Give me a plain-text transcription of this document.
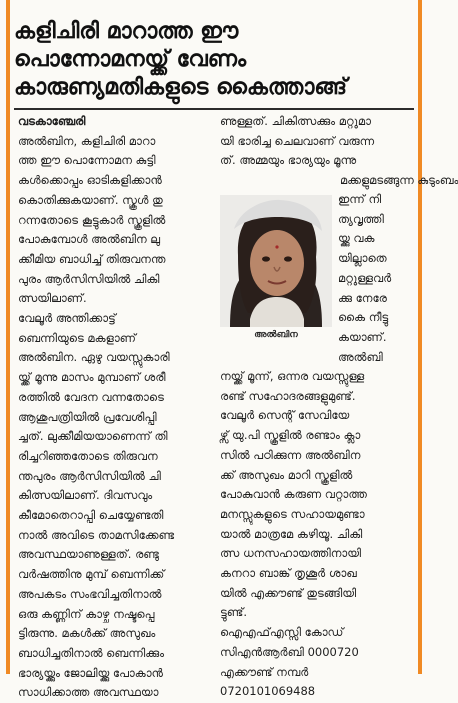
കളിചിരി മാറാത്ത ഈ
പൊന്നോമനയ്ക്ക് വേണം
കാരുണ്യമതികളുടെ കൈത്താങ്ങ്
വടകാഞ്ചേരി
അൽബിന, കളിചിരി മാറാ
ത്ത ഈ പൊന്നോമന കുട്ടി
കൾക്കൊപ്പം ഓടികളിക്കാൻ
കൊതിക്കുകയാണ്. സ്കൂൾ തു
റന്നതോടെ കൂട്ടുകാർ സ്കൂളിൽ
പോകുമ്പോൾ അൽബിന ലു
ക്കീമിയ ബാധിച്ച് തിരുവനന്ത
പുരം ആർസിസിയിൽ ചികി
ത്സയിലാണ്.
വേലൂർ അന്തിക്കാട്ട്
ബെന്നിയുടെ മകളാണ്
അൽബിന. ഏഴു വയസ്സുകാരി
യ്ക്ക് മൂന്നു മാസം മുമ്പാണ് ശരീ
രത്തിൽ വേദന വന്നതോടെ
ആശുപത്രിയിൽ പ്രവേശിപ്പി
ച്ചത്. ലുക്കീമിയയാണെന്ന് തി
രിച്ചറിഞ്ഞതോടെ തിരുവന
ന്തപുരം ആർസിസിയിൽ ചി
കിത്സയിലാണ്. ദിവസവും
കീമോതെറാപ്പി ചെയ്യേണ്ടതി
നാൽ അവിടെ താമസിക്കേണ്ട
അവസ്ഥയാണുള്ളത്. രണ്ടു
വർഷത്തിനു മുമ്പ് ബെന്നിക്ക്
അപകടം സംഭവിച്ചതിനാൽ
ഒരു കണ്ണിന് കാഴ്ച നഷ്ടപ്പെ
ട്ടിരുന്നു. മകൾക്ക് അസുഖം
ബാധിച്ചതിനാൽ ബെന്നിക്കും
ഭാര്യയ്ക്കും ജോലിയ്ക്കു പോകാൻ
സാധിക്കാത്ത അവസ്ഥയാ
ണുള്ളത്. ചികിത്സക്കും മറ്റുമാ
യി ഭാരിച്ച ചെലവാണ് വരുന്ന
ത്. അമ്മയും ഭാര്യയും മൂന്നു
മക്കളുമടങ്ങുന്ന കുടുംബം
അൽബിന
ഇന്ന് നി
ത്യവൃത്തി
യ്ക്കു വക
യില്ലാതെ
മറ്റുള്ളവർ
ക്കു നേരേ
കൈ നീട്ടു
കയാണ്.
അൽബി
നയ്ക്ക് മൂന്ന്, ഒന്നര വയസ്സുള്ള
രണ്ട് സഹോദരങ്ങളുമുണ്ട്.
വേലൂർ സെന്റ് സേവിയേ
ഴ്സ് യു.പി സ്കൂളിൽ രണ്ടാം ക്ലാ
സിൽ പഠിക്കുന്ന അൽബിന
ക്ക് അസുഖം മാറി സ്കൂളിൽ
പോകുവാൻ കരുണ വറ്റാത്ത
മനസ്സുകളുടെ സഹായമുണ്ടാ
യാൽ മാത്രമേ കഴിയൂ. ചികി
ത്സ ധനസഹായത്തിനായി
കനറാ ബാങ്ക് തൃശൂർ ശാഖ
യിൽ എക്കൗണ്ട് തുടങ്ങിയി
ട്ടുണ്ട്.
ഐഎഫ്എസ്സി കോഡ്
സിഎൻആർബി 0000720
എക്കൗണ്ട് നമ്പർ
0720101069488
